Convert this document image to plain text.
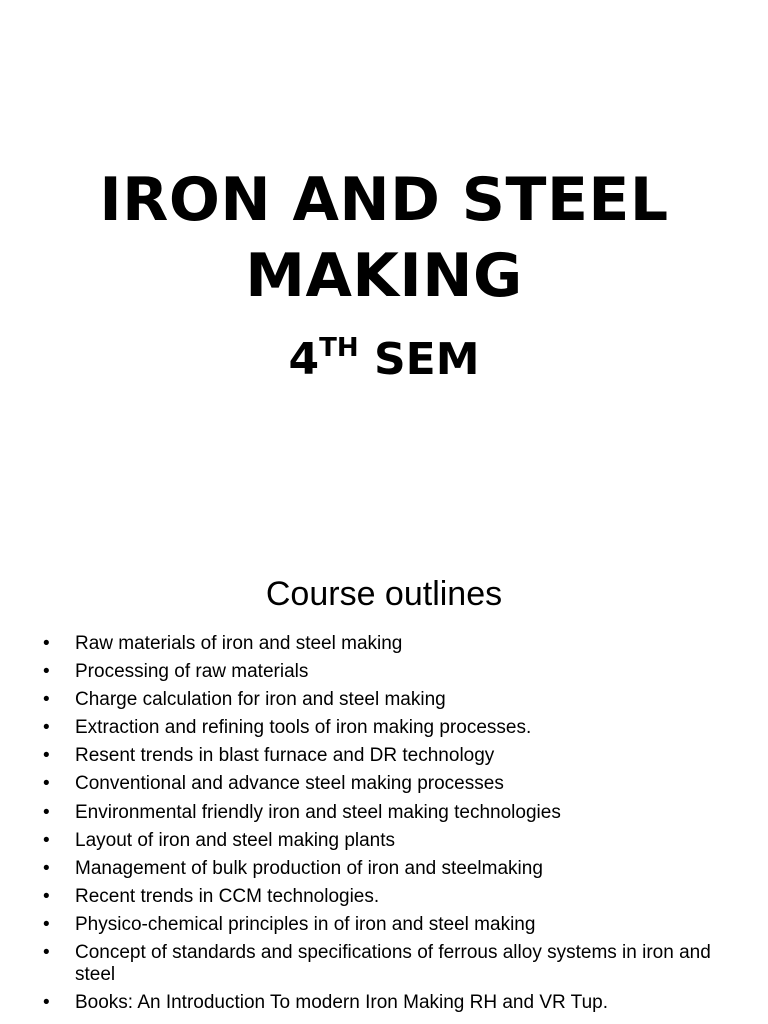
IRON AND STEEL
MAKING
4TH SEM
Course outlines
• Raw materials of iron and steel making
• Processing of raw materials
• Charge calculation for iron and steel making
• Extraction and refining tools of iron making processes.
• Resent trends in blast furnace and DR technology
• Conventional and advance steel making processes
• Environmental friendly iron and steel making technologies
• Layout of iron and steel making plants
• Management of bulk production of iron and steelmaking
• Recent trends in CCM technologies.
• Physico-chemical principles in of iron and steel making
• Concept of standards and specifications of ferrous alloy systems in iron and steel
• Books: An Introduction To modern Iron Making RH and VR Tup.
